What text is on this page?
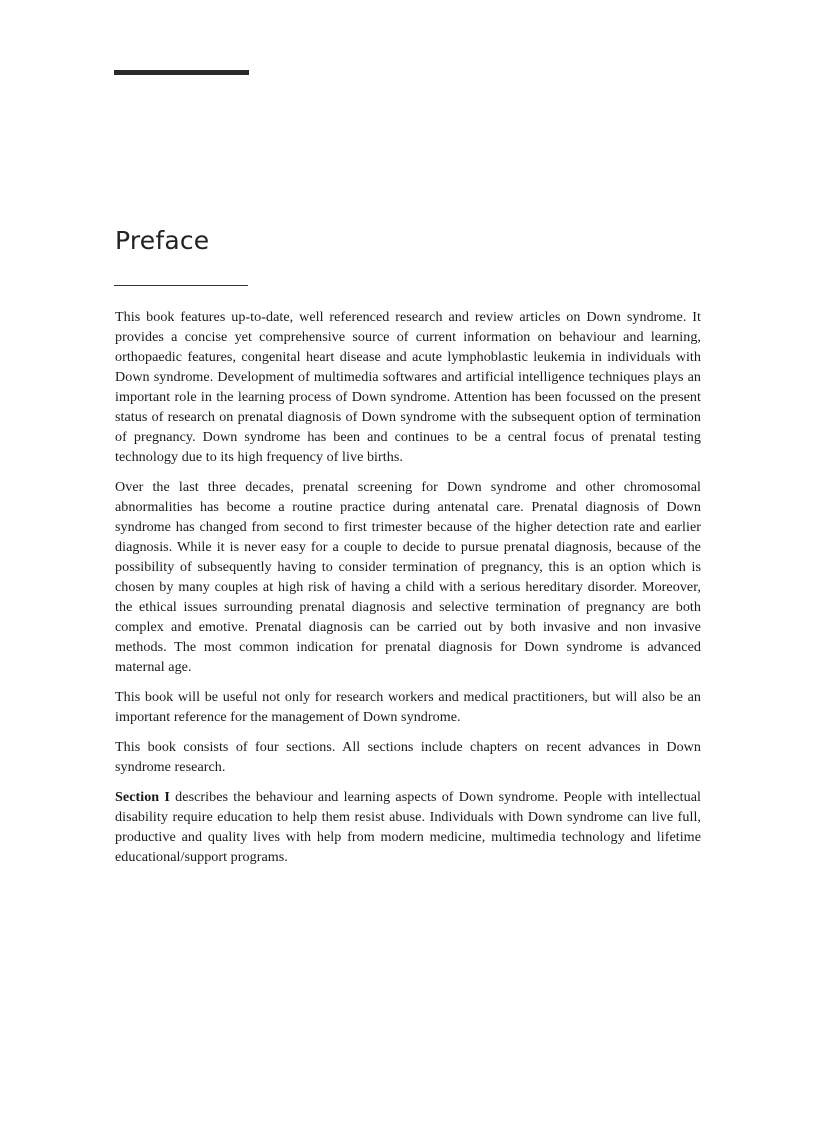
Preface

This book features up-to-date, well referenced research and review articles on Down syndrome. It provides a concise yet comprehensive source of current information on behaviour and learning, orthopaedic features, congenital heart disease and acute lymphoblastic leukemia in individuals with Down syndrome. Development of multimedia softwares and artificial intelligence techniques plays an important role in the learning process of Down syndrome. Attention has been focussed on the present status of research on prenatal diagnosis of Down syndrome with the subsequent option of termination of pregnancy. Down syndrome has been and continues to be a central focus of prenatal testing technology due to its high frequency of live births.

Over the last three decades, prenatal screening for Down syndrome and other chromosomal abnormalities has become a routine practice during antenatal care. Prenatal diagnosis of Down syndrome has changed from second to first trimester because of the higher detection rate and earlier diagnosis. While it is never easy for a couple to decide to pursue prenatal diagnosis, because of the possibility of subsequently having to consider termination of pregnancy, this is an option which is chosen by many couples at high risk of having a child with a serious hereditary disorder. Moreover, the ethical issues surrounding prenatal diagnosis and selective termination of pregnancy are both complex and emotive. Prenatal diagnosis can be carried out by both invasive and non invasive methods. The most common indication for prenatal diagnosis for Down syndrome is advanced maternal age.

This book will be useful not only for research workers and medical practitioners, but will also be an important reference for the management of Down syndrome.

This book consists of four sections. All sections include chapters on recent advances in Down syndrome research.

Section I describes the behaviour and learning aspects of Down syndrome. People with intellectual disability require education to help them resist abuse. Individuals with Down syndrome can live full, productive and quality lives with help from modern medicine, multimedia technology and lifetime educational/support programs.
